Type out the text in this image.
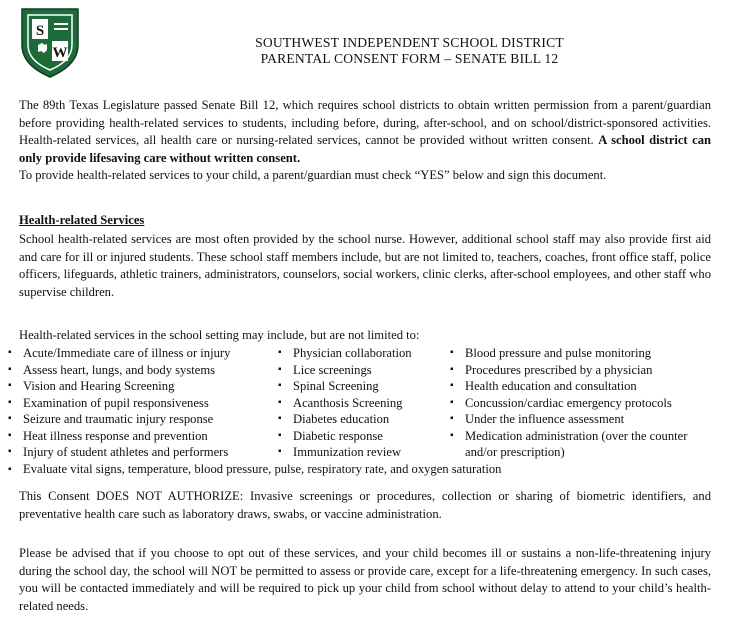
S
W
SOUTHWEST INDEPENDENT SCHOOL DISTRICT
PARENTAL CONSENT FORM – SENATE BILL 12
The 89th Texas Legislature passed Senate Bill 12, which requires school districts to obtain written permission from a parent/guardian before providing health-related services to students, including before, during, after-school, and on school/district-sponsored activities. Health-related services, all health care or nursing-related services, cannot be provided without written consent. A school district can only provide lifesaving care without written consent.
To provide health-related services to your child, a parent/guardian must check “YES” below and sign this document.
Health-related Services
School health-related services are most often provided by the school nurse. However, additional school staff may also provide first aid and care for ill or injured students. These school staff members include, but are not limited to, teachers, coaches, front office staff, police officers, lifeguards, athletic trainers, administrators, counselors, social workers, clinic clerks, after-school employees, and other staff who supervise children.
Health-related services in the school setting may include, but are not limited to:
▪ Acute/Immediate care of illness or injury
▪ Assess heart, lungs, and body systems
▪ Vision and Hearing Screening
▪ Examination of pupil responsiveness
▪ Seizure and traumatic injury response
▪ Heat illness response and prevention
▪ Injury of student athletes and performers
▪ Physician collaboration
▪ Lice screenings
▪ Spinal Screening
▪ Acanthosis Screening
▪ Diabetes education
▪ Diabetic response
▪ Immunization review
▪ Blood pressure and pulse monitoring
▪ Procedures prescribed by a physician
▪ Health education and consultation
▪ Concussion/cardiac emergency protocols
▪ Under the influence assessment
▪ Medication administration (over the counter and/or prescription)
▪ Evaluate vital signs, temperature, blood pressure, pulse, respiratory rate, and oxygen saturation
This Consent DOES NOT AUTHORIZE: Invasive screenings or procedures, collection or sharing of biometric identifiers, and preventative health care such as laboratory draws, swabs, or vaccine administration.
Please be advised that if you choose to opt out of these services, and your child becomes ill or sustains a non-life-threatening injury during the school day, the school will NOT be permitted to assess or provide care, except for a life-threatening emergency. In such cases, you will be contacted immediately and will be required to pick up your child from school without delay to attend to your child’s health-related needs.
